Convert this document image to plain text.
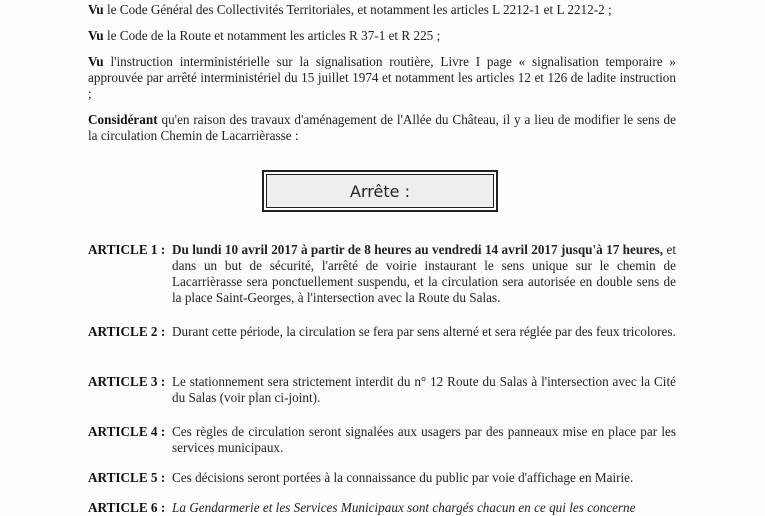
Vu le Code Général des Collectivités Territoriales, et notamment les articles L 2212-1 et L 2212-2 ;

Vu le Code de la Route et notamment les articles R 37-1 et R 225 ;

Vu l'instruction interministérielle sur la signalisation routière, Livre I page « signalisation temporaire » approuvée par arrêté interministériel du 15 juillet 1974 et notamment les articles 12 et 126 de ladite instruction ;

Considérant qu'en raison des travaux d'aménagement de l'Allée du Château, il y a lieu de modifier le sens de la circulation Chemin de Lacarrièrasse :

Arrête :
ARTICLE 1 : Du lundi 10 avril 2017 à partir de 8 heures au vendredi 14 avril 2017 jusqu'à 17 heures, et dans un but de sécurité, l'arrêté de voirie instaurant le sens unique sur le chemin de Lacarrièrasse sera ponctuellement suspendu, et la circulation sera autorisée en double sens de la place Saint-Georges, à l'intersection avec la Route du Salas.
ARTICLE 2 : Durant cette période, la circulation se fera par sens alterné et sera réglée par des feux tricolores.
ARTICLE 3 : Le stationnement sera strictement interdit du n° 12 Route du Salas à l'intersection avec la Cité du Salas (voir plan ci-joint).
ARTICLE 4 : Ces règles de circulation seront signalées aux usagers par des panneaux mise en place par les services municipaux.
ARTICLE 5 : Ces décisions seront portées à la connaissance du public par voie d'affichage en Mairie.
ARTICLE 6 : La Gendarmerie et les Services Municipaux sont chargés chacun en ce qui les concerne
